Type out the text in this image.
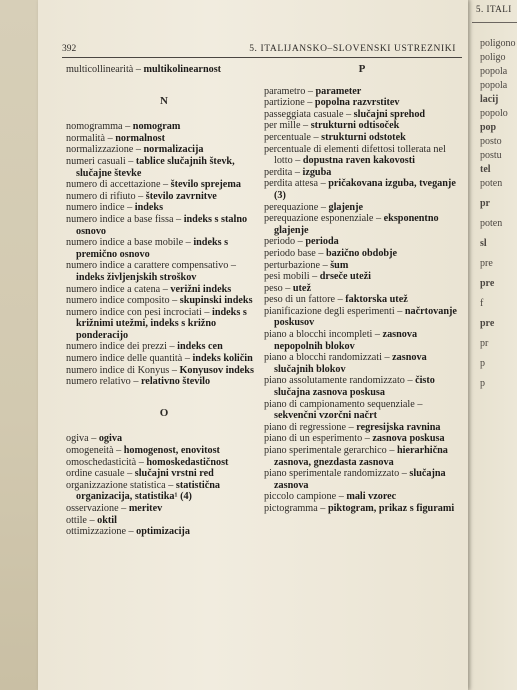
5. ITALI
poligono
poligo
popola
popola
lacij
popolo
pop
posto
postu
tel
poten
pr
poten
sl
pre
pre
f
pre
pr
p
p
392	5. ITALIJANSKO–SLOVENSKI USTREZNIKI

multicollinearità – multikolinearnost

N

nomogramma – nomogram

normalità – normalnost

normalizzazione – normalizacija

numeri casuali – tablice slučajnih števk, slučajne števke

numero di accettazione – število sprejema

numero di rifiuto – število zavrnitve

numero indice – indeks

numero indice a base fissa – indeks s stalno osnovo

numero indice a base mobile – indeks s premično osnovo

numero indice a carattere compensativo – indeks življenjskih stroškov

numero indice a catena – verižni indeks

numero indice composito – skupinski indeks

numero indice con pesi incrociati – indeks s križnimi utežmi, indeks s križno ponderacijo

numero indice dei prezzi – indeks cen

numero indice delle quantità – indeks količin

numero indice di Konyus – Konyusov indeks

numero relativo – relativno število

O

ogiva – ogiva

omogeneità – homogenost, enovitost

omoschedasticità – homoskedastičnost

ordine casuale – slučajni vrstni red

organizzazione statistica – statistična organizacija, statistika¹ (4)

osservazione – meritev

ottile – oktil

ottimizzazione – optimizacija

P

parametro – parameter

partizione – popolna razvrstitev

passeggiata casuale – slučajni sprehod

per mille – strukturni odtisoček

percentuale – strukturni odstotek

percentuale di elementi difettosi tollerata nel lotto – dopustna raven kakovosti

perdita – izguba

perdita attesa – pričakovana izguba, tveganje (3)

perequazione – glajenje

perequazione esponenziale – eksponentno glajenje

periodo – perioda

periodo base – bazično obdobje

perturbazione – šum

pesi mobili – drseče uteži

peso – utež

peso di un fattore – faktorska utež

pianificazione degli esperimenti – načrtovanje poskusov

piano a blocchi incompleti – zasnova nepopolnih blokov

piano a blocchi randomizzati – zasnova slučajnih blokov

piano assolutamente randomizzato – čisto slučajna zasnova poskusa

piano di campionamento sequenziale – sekvenčni vzorčni načrt

piano di regressione – regresijska ravnina

piano di un esperimento – zasnova poskusa

piano sperimentale gerarchico – hierarhična zasnova, gnezdasta zasnova

piano sperimentale randomizzato – slučajna zasnova

piccolo campione – mali vzorec

pictogramma – piktogram, prikaz s figurami
